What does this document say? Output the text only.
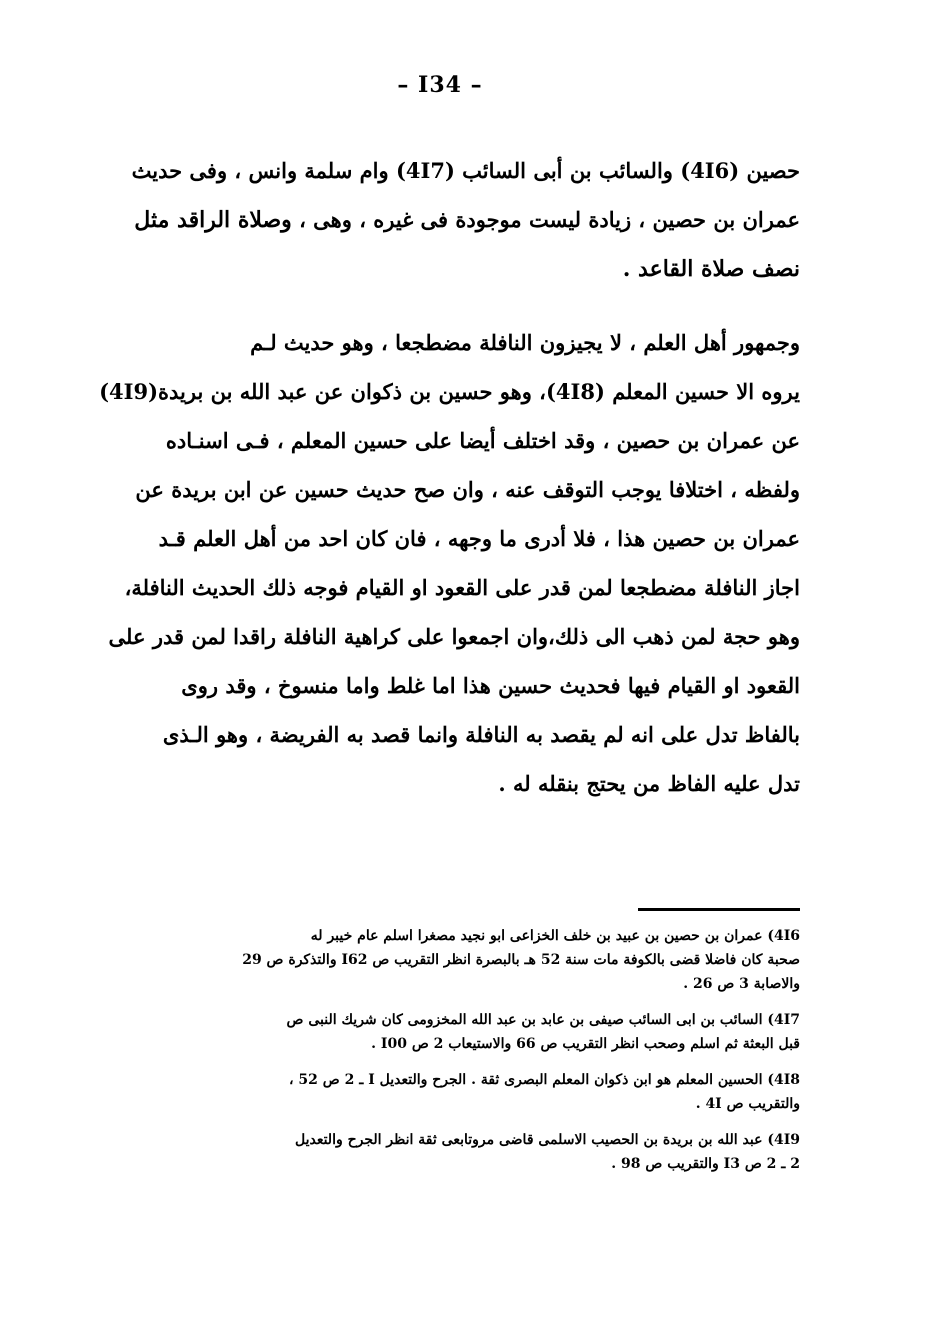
– I34 –
حصين (4I6) والسائب بن أبى السائب (4I7) وام سلمة وانس ، وفى حديث
عمران بن حصين ، زيادة ليست موجودة فى غيره ، وهى ، وصلاة الراقد مثل
نصف صلاة القاعد .
وجمهور أهل العلم ، لا يجيزون النافلة مضطجعا ، وهو حديث لـم
يروه الا حسين المعلم (4I8)، وهو حسين بن ذكوان عن عبد الله بن بريدة(4I9)
عن عمران بن حصين ، وقد اختلف أيضا على حسين المعلم ، فـى اسنـاده
ولفظه ، اختلافا يوجب التوقف عنه ، وان صح حديث حسين عن ابن بريدة عن
عمران بن حصين هذا ، فلا أدرى ما وجهه ، فان كان احد من أهل العلم قـد
اجاز النافلة مضطجعا لمن قدر على القعود او القيام فوجه ذلك الحديث النافلة،
وهو حجة لمن ذهب الى ذلك،وان اجمعوا على كراهية النافلة راقدا لمن قدر على
القعود او القيام فيها فحديث حسين هذا اما غلط واما منسوخ ، وقد روى
بالفاظ تدل على انه لم يقصد به النافلة وانما قصد به الفريضة ، وهو الـذى
تدل عليه الفاظ من يحتج بنقله له .
4I6) عمران بن حصين بن عبيد بن خلف الخزاعى ابو نجيد مصغرا اسلم عام خيبر له
صحبة كان فاضلا قضى بالكوفة مات سنة 52 هـ بالبصرة انظر التقريب ص I62 والتذكرة ص 29
والاصابة 3 ص 26 .
4I7) السائب بن ابى السائب صيفى بن عابد بن عبد الله المخزومى كان شريك النبى ص
قبل البعثة ثم اسلم وصحب انظر التقريب ص 66 والاستيعاب 2 ص I00 .
4I8) الحسين المعلم هو ابن ذكوان المعلم البصرى ثقة . الجرح والتعديل I ـ 2 ص 52 ،
والتقريب ص 4I .
4I9) عبد الله بن بريدة بن الحصيب الاسلمى قاضى مروتابعى ثقة انظر الجرح والتعديل
2 ـ 2 ص I3 والتقريب ص 98 .
